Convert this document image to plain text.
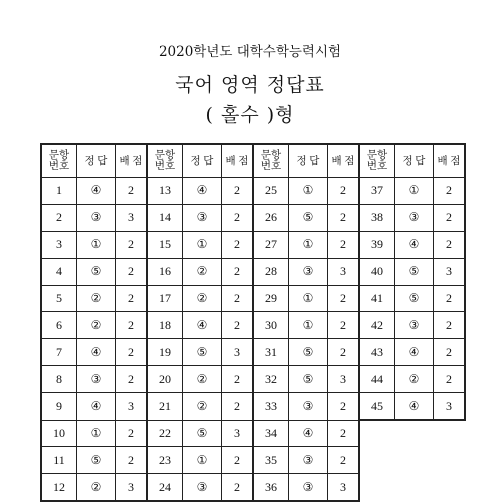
2020학년도 대학수학능력시험
국어 영역 정답표
( 홀수 )형
문항
번호	정 답	배 점	문항
번호	정 답	배 점	문항
번호	정 답	배 점	문항
번호	정 답	배 점
1	④	2	13	④	2	25	①	2	37	①	2
2	③	3	14	③	2	26	⑤	2	38	③	2
3	①	2	15	①	2	27	①	2	39	④	2
4	⑤	2	16	②	2	28	③	3	40	⑤	3
5	②	2	17	②	2	29	①	2	41	⑤	2
6	②	2	18	④	2	30	①	2	42	③	2
7	④	2	19	⑤	3	31	⑤	2	43	④	2
8	③	2	20	②	2	32	⑤	3	44	②	2
9	④	3	21	②	2	33	③	2	45	④	3
10	①	2	22	⑤	3	34	④	2			
11	⑤	2	23	①	2	35	③	2			
12	②	3	24	③	2	36	③	3			
